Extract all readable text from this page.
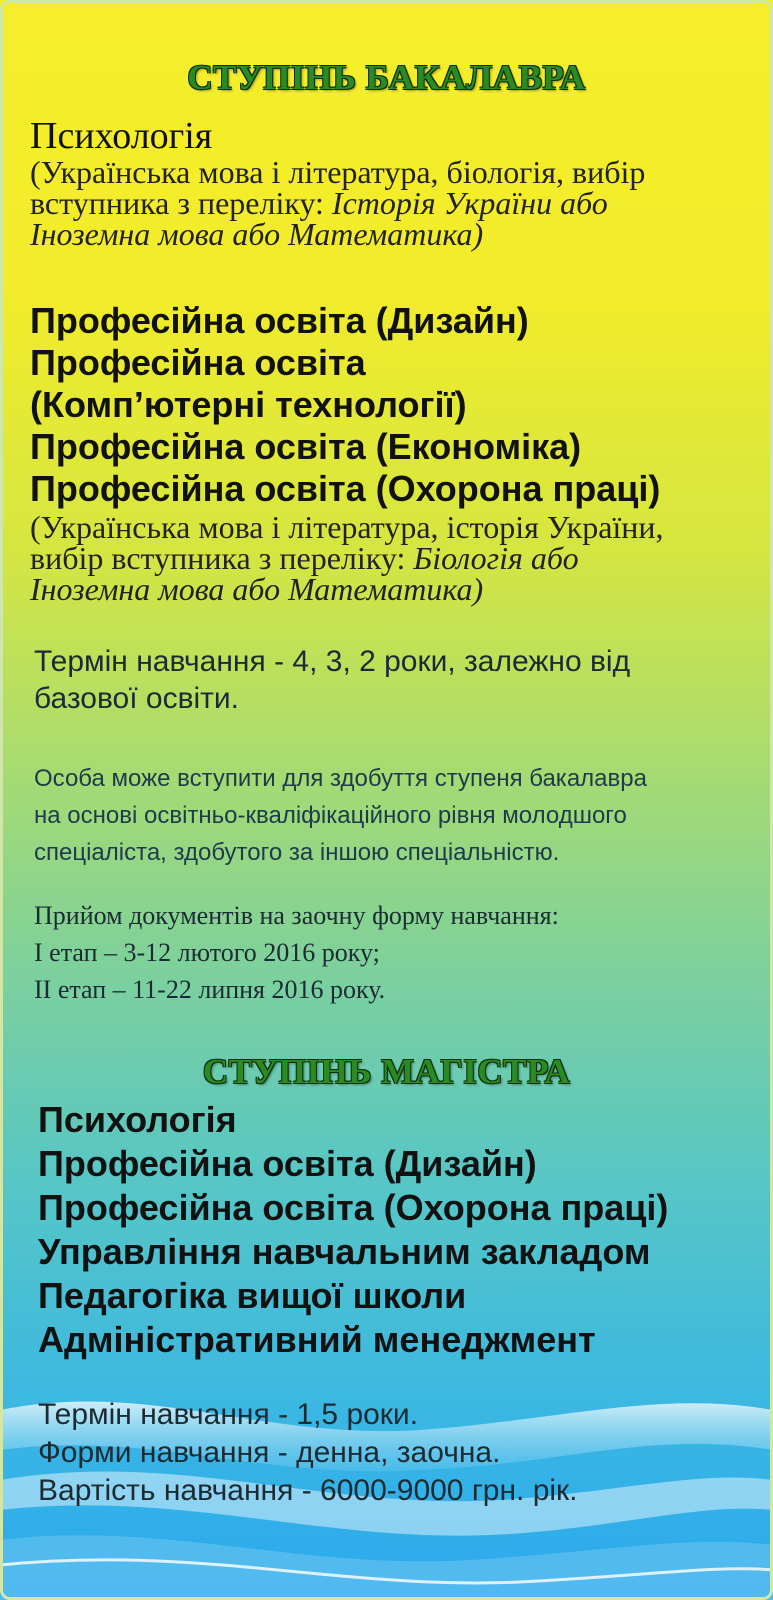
СТУПІНЬ БАКАЛАВРА
Психологія
(Українська мова і література, біологія, вибір
вступника з переліку: Історія України або
Іноземна мова або Математика)
Професійна освіта (Дизайн)
Професійна освіта
(Комп’ютерні технології)
Професійна освіта (Економіка)
Професійна освіта (Охорона праці)
(Українська мова і література, історія України,
вибір вступника з переліку: Біологія або
Іноземна мова або Математика)
Термін навчання - 4, 3, 2 роки, залежно від
базової освіти.
Особа може вступити для здобуття ступеня бакалавра
на основі освітньо-кваліфікаційного рівня молодшого
спеціаліста, здобутого за іншою спеціальністю.
Прийом документів на заочну форму навчання:
І етап – 3-12 лютого 2016 року;
ІІ етап – 11-22 липня 2016 року.
СТУПІНЬ МАГІСТРА
Психологія
Професійна освіта (Дизайн)
Професійна освіта (Охорона праці)
Управління навчальним закладом
Педагогіка вищої школи
Адміністративний менеджмент
Термін навчання - 1,5 роки.
Форми навчання - денна, заочна.
Вартість навчання - 6000-9000 грн. рік.
